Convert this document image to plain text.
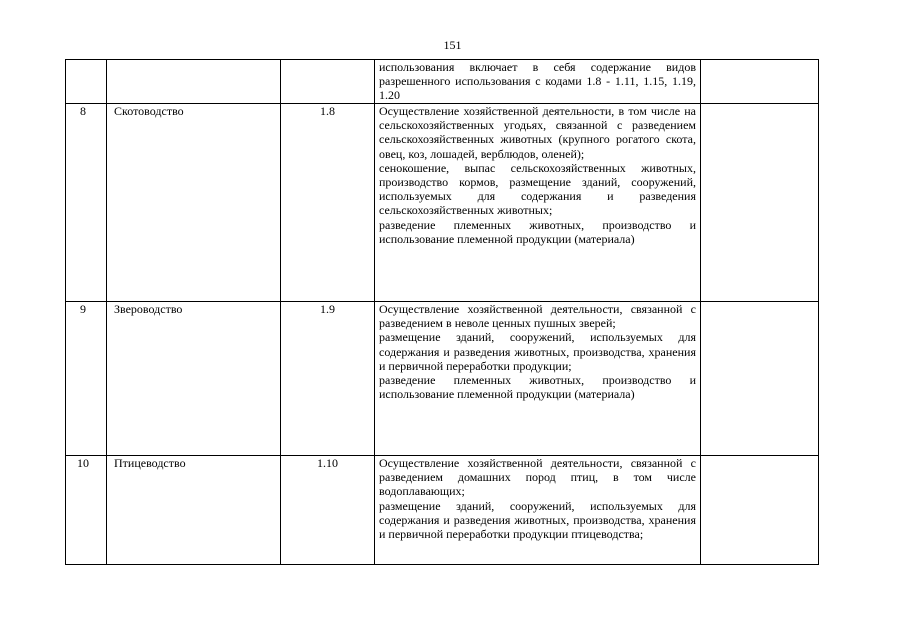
151

			использования включает в себя содержание видов разрешенного использования с кодами 1.8 - 1.11, 1.15, 1.19, 1.20	

8	Скотоводство	1.8	Осуществление хозяйственной деятельности, в том числе на сельскохозяйственных угодьях, связанной с разведением сельскохозяйственных животных (крупного рогатого скота, овец, коз, лошадей, верблюдов, оленей);
сенокошение, выпас сельскохозяйственных животных, производство кормов, размещение зданий, сооружений, используемых для содержания и разведения сельскохозяйственных животных;
разведение племенных животных, производство и использование племенной продукции (материала)	

9	Звероводство	1.9	Осуществление хозяйственной деятельности, связанной с разведением в неволе ценных пушных зверей;
размещение зданий, сооружений, используемых для содержания и разведения животных, производства, хранения и первичной переработки продукции;
разведение племенных животных, производство и использование племенной продукции (материала)	

10	Птицеводство	1.10	Осуществление хозяйственной деятельности, связанной с разведением домашних пород птиц, в том числе водоплавающих;
размещение зданий, сооружений, используемых для содержания и разведения животных, производства, хранения и первичной переработки продукции птицеводства;	
